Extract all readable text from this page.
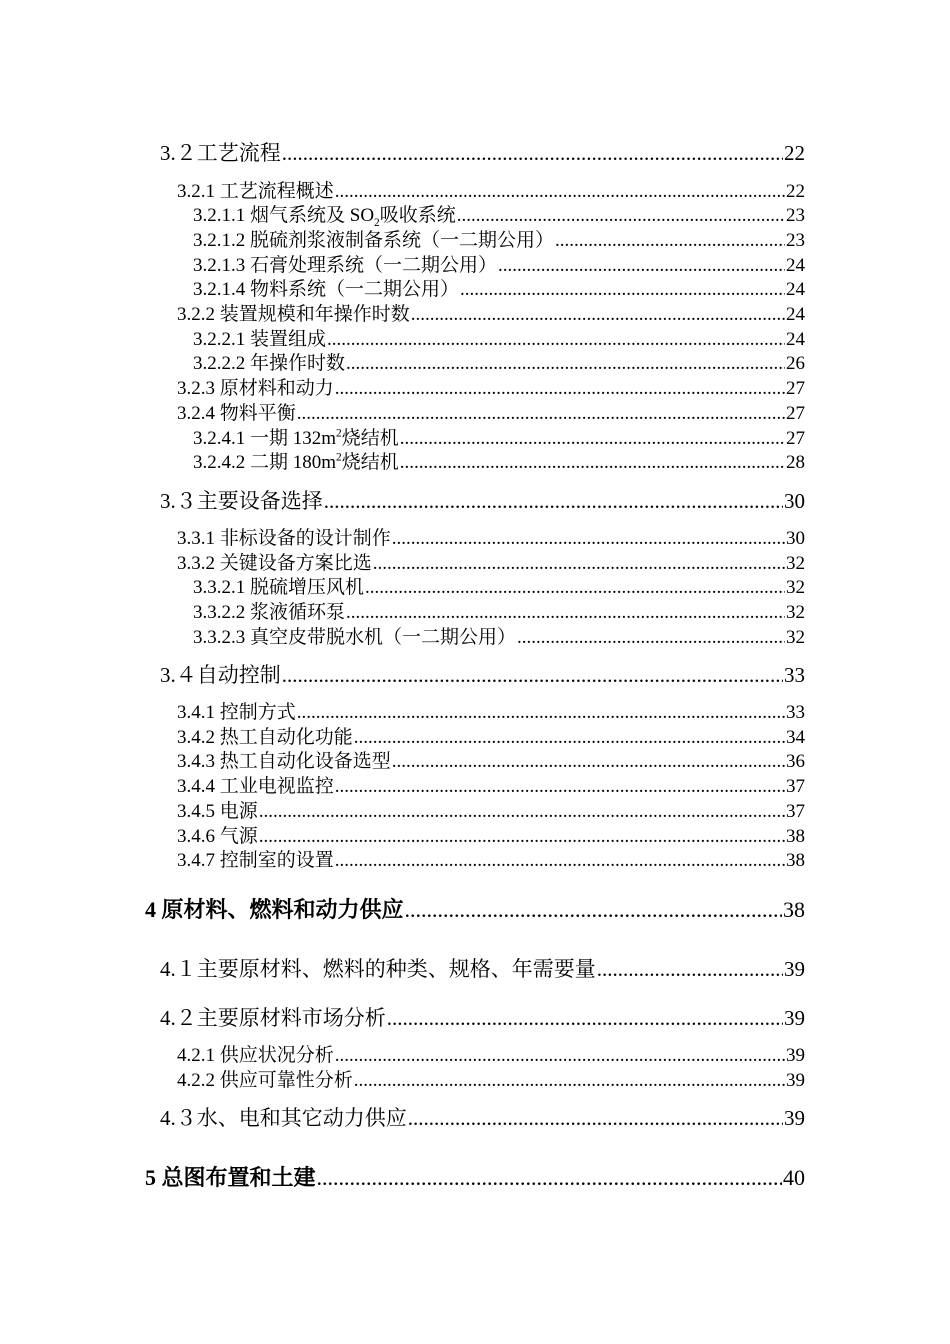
3.２工艺流程 .....	22
3.2.1 工艺流程概述 .....	22
3.2.1.1 烟气系统及 $SO_2$吸收系统 .....	23
3.2.1.2 脱硫剂浆液制备系统（一二期公用） .....	23
3.2.1.3 石膏处理系统（一二期公用） .....	24
3.2.1.4 物料系统（一二期公用） .....	24
3.2.2 装置规模和年操作时数 .....	24
3.2.2.1 装置组成 .....	24
3.2.2.2 年操作时数 .....	26
3.2.3 原材料和动力 .....	27
3.2.4 物料平衡 .....	27
3.2.4.1 一期 $132m^2$烧结机 .....	27
3.2.4.2 二期 $180m^2$烧结机 .....	28
3.３主要设备选择 .....	30
3.3.1 非标设备的设计制作 .....	30
3.3.2 关键设备方案比选 .....	32
3.3.2.1 脱硫增压风机 .....	32
3.3.2.2 浆液循环泵 .....	32
3.3.2.3 真空皮带脱水机（一二期公用） .....	32
3.４自动控制 .....	33
3.4.1 控制方式 .....	33
3.4.2 热工自动化功能 .....	34
3.4.3 热工自动化设备选型 .....	36
3.4.4 工业电视监控 .....	37
3.4.5 电源 .....	37
3.4.6 气源 .....	38
3.4.7 控制室的设置 .....	38
4 原材料、燃料和动力供应 .....	38
4.１主要原材料、燃料的种类、规格、年需要量 .....	39
4.２主要原材料市场分析 .....	39
4.2.1 供应状况分析 .....	39
4.2.2 供应可靠性分析 .....	39
4.３水、电和其它动力供应 .....	39
5 总图布置和土建 .....	40
